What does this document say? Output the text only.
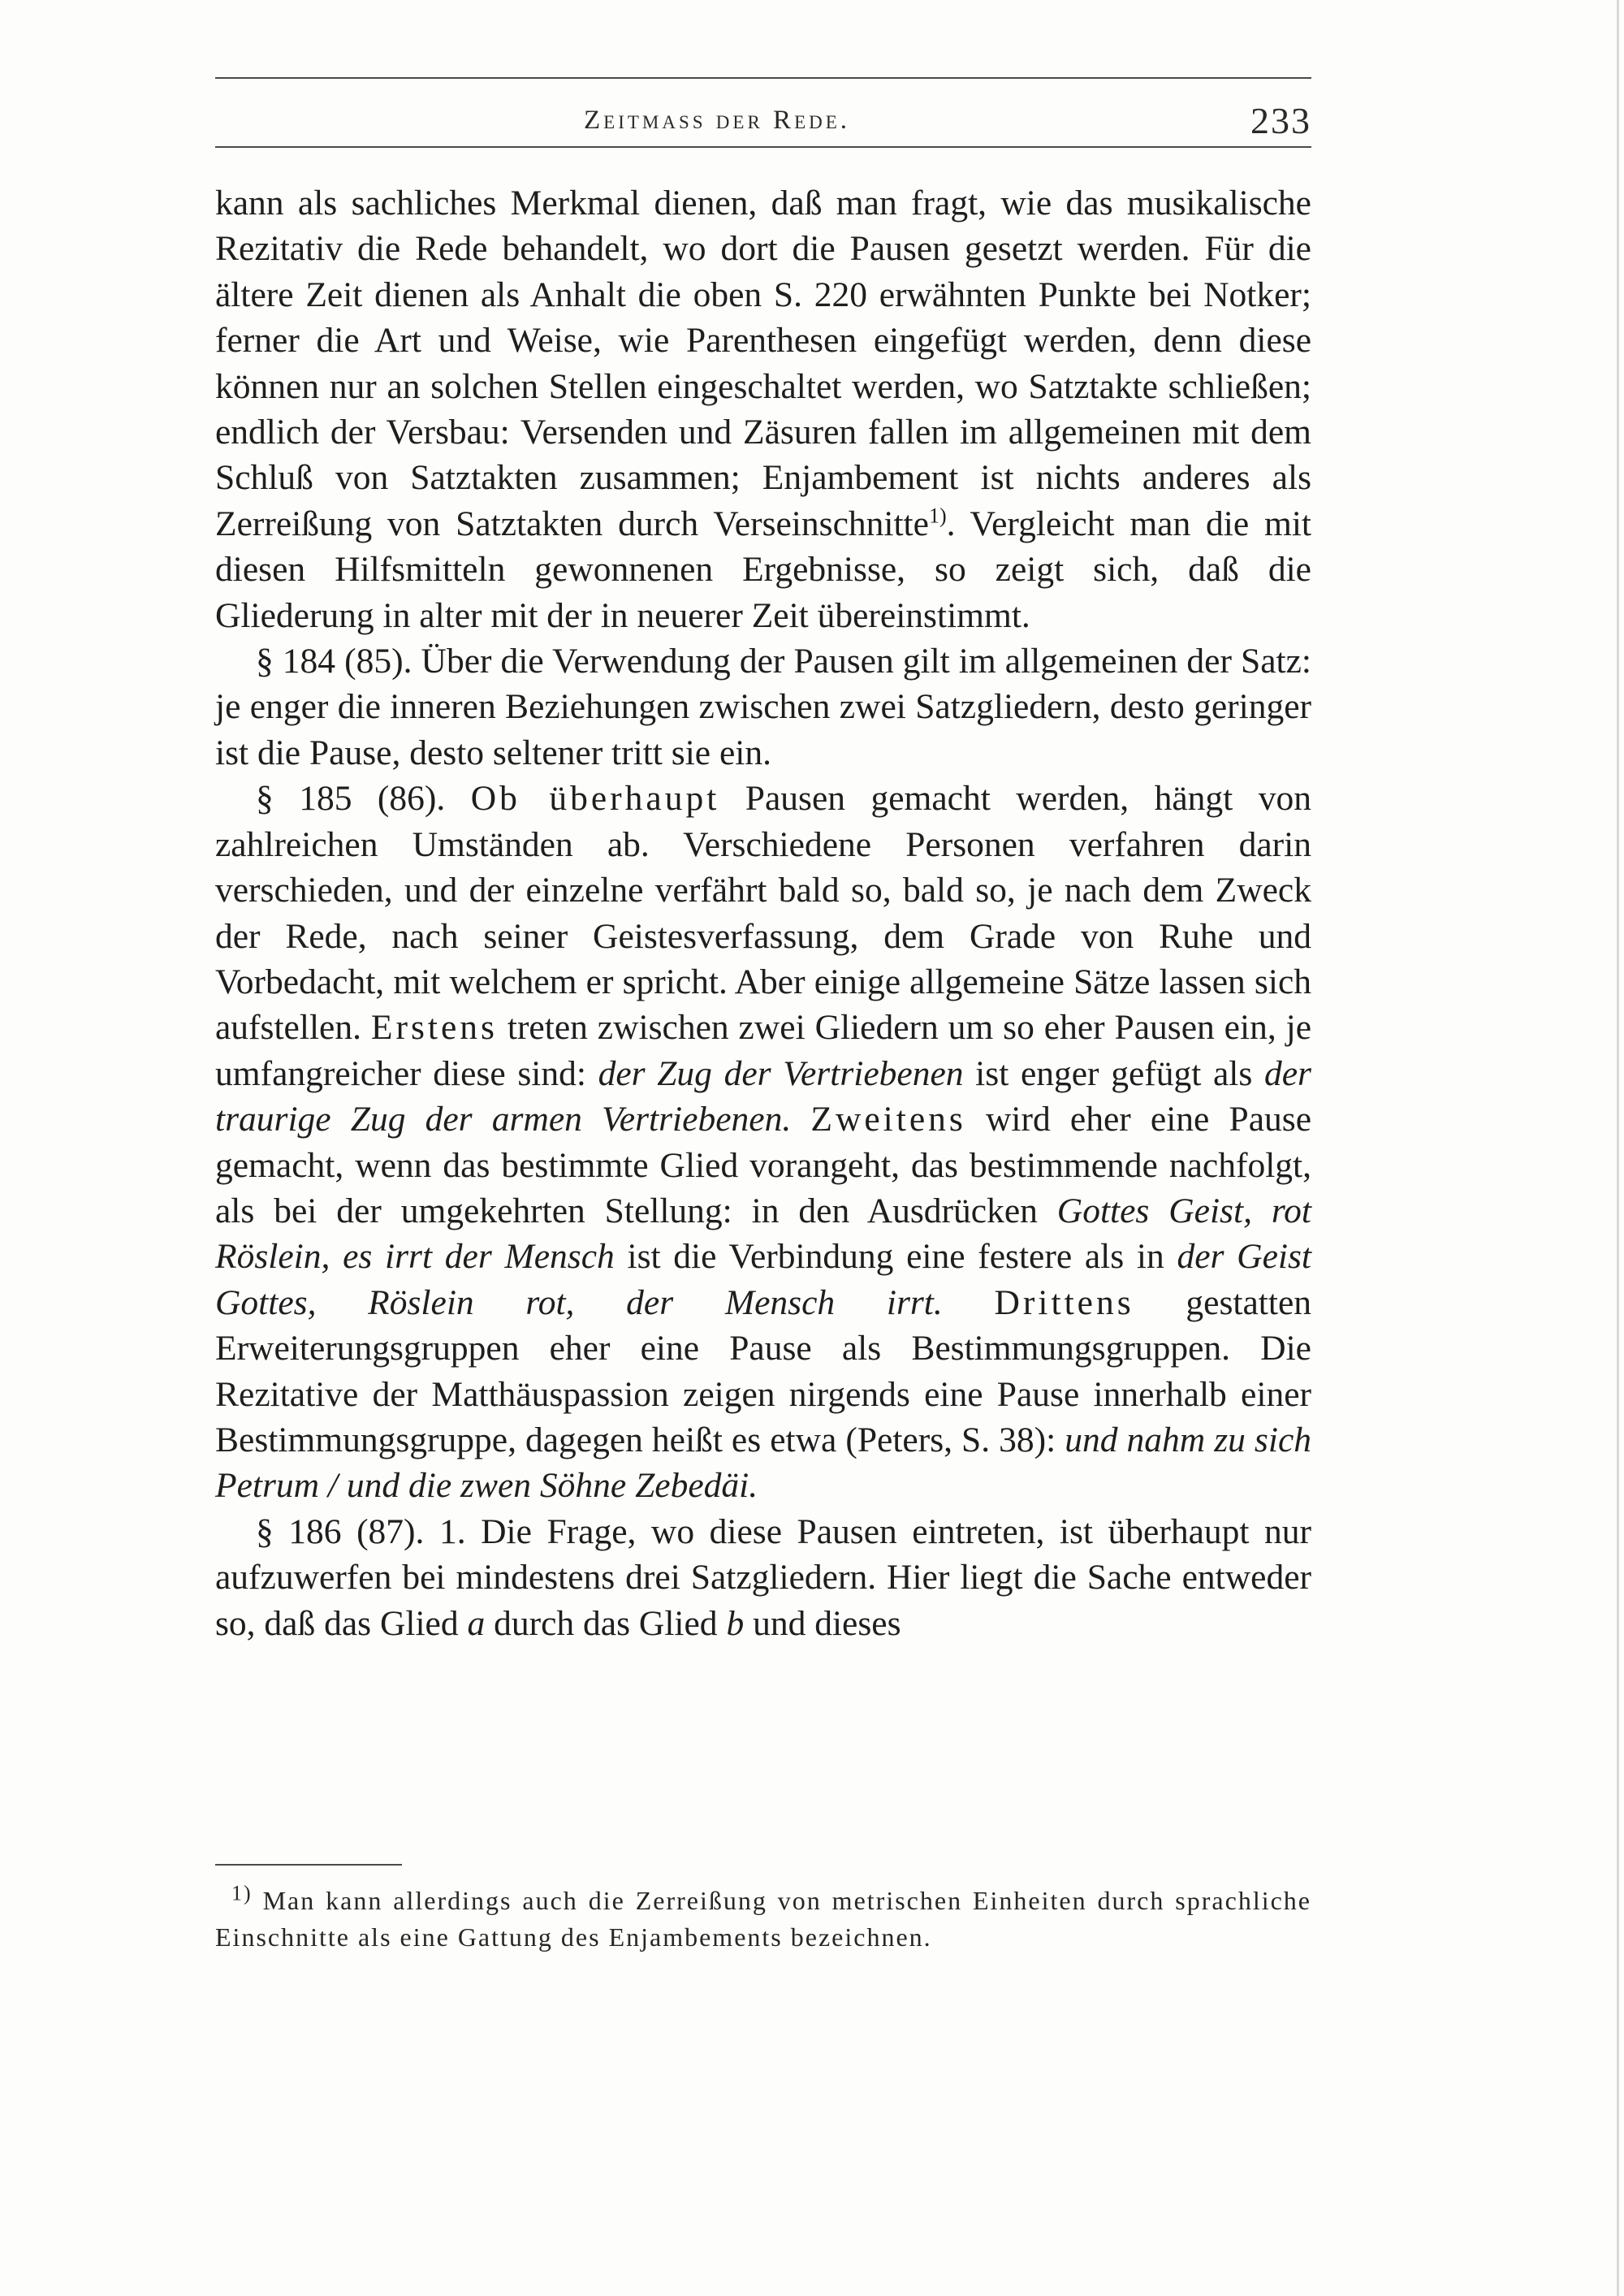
Zeitmass der Rede.	233

kann als sachliches Merkmal dienen, daß man fragt, wie das musikalische Rezitativ die Rede behandelt, wo dort die Pausen gesetzt werden. Für die ältere Zeit dienen als Anhalt die oben S. 220 erwähnten Punkte bei Notker; ferner die Art und Weise, wie Parenthesen eingefügt werden, denn diese können nur an solchen Stellen eingeschaltet werden, wo Satztakte schließen; endlich der Versbau: Versenden und Zäsuren fallen im allgemeinen mit dem Schluß von Satztakten zusammen; Enjambement ist nichts anderes als Zerreißung von Satztakten durch Verseinschnitte$^{1)}$. Vergleicht man die mit diesen Hilfsmitteln gewonnenen Ergebnisse, so zeigt sich, daß die Gliederung in alter mit der in neuerer Zeit übereinstimmt.

§ 184 (85). Über die Verwendung der Pausen gilt im allgemeinen der Satz: je enger die inneren Beziehungen zwischen zwei Satzgliedern, desto geringer ist die Pause, desto seltener tritt sie ein.

§ 185 (86). Ob überhaupt Pausen gemacht werden, hängt von zahlreichen Umständen ab. Verschiedene Personen verfahren darin verschieden, und der einzelne verfährt bald so, bald so, je nach dem Zweck der Rede, nach seiner Geistesverfassung, dem Grade von Ruhe und Vorbedacht, mit welchem er spricht. Aber einige allgemeine Sätze lassen sich aufstellen. Erstens treten zwischen zwei Gliedern um so eher Pausen ein, je umfangreicher diese sind: der Zug der Vertriebenen ist enger gefügt als der traurige Zug der armen Vertriebenen. Zweitens wird eher eine Pause gemacht, wenn das bestimmte Glied vorangeht, das bestimmende nachfolgt, als bei der umgekehrten Stellung: in den Ausdrücken Gottes Geist, rot Röslein, es irrt der Mensch ist die Verbindung eine festere als in der Geist Gottes, Röslein rot, der Mensch irrt. Drittens gestatten Erweiterungsgruppen eher eine Pause als Bestimmungsgruppen. Die Rezitative der Matthäuspassion zeigen nirgends eine Pause innerhalb einer Bestimmungsgruppe, dagegen heißt es etwa (Peters, S. 38): und nahm zu sich Petrum / und die zwen Söhne Zebedäi.

§ 186 (87). 1. Die Frage, wo diese Pausen eintreten, ist überhaupt nur aufzuwerfen bei mindestens drei Satzgliedern. Hier liegt die Sache entweder so, daß das Glied a durch das Glied b und dieses

$^{1)}$ Man kann allerdings auch die Zerreißung von metrischen Einheiten durch sprachliche Einschnitte als eine Gattung des Enjambements bezeichnen.
